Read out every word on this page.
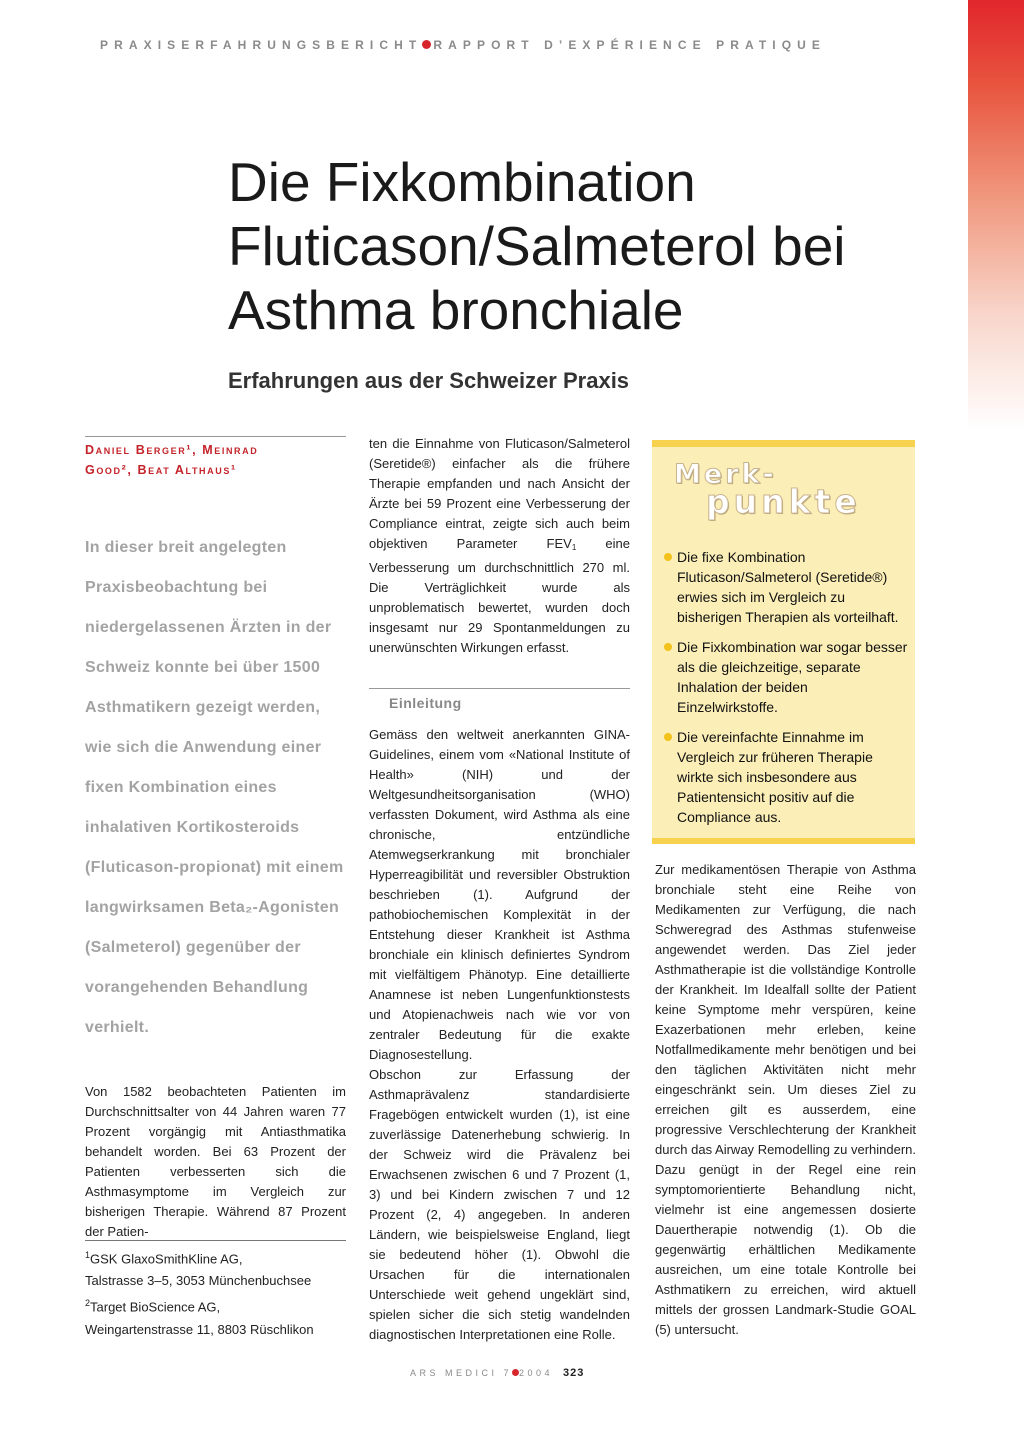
PRAXISERFAHRUNGSBERICHT RAPPORT D’EXPÉRIENCE PRATIQUE
Die Fixkombination
Fluticason/Salmeterol bei
Asthma bronchiale
Erfahrungen aus der Schweizer Praxis
Daniel Berger¹, Meinrad
Good², Beat Althaus¹
In dieser breit angelegten Praxisbeobachtung bei niedergelassenen Ärzten in der Schweiz konnte bei über 1500 Asthmatikern gezeigt werden, wie sich die Anwendung einer fixen Kombination eines inhalativen Kortikosteroids (Fluticason-propionat) mit einem langwirksamen Beta₂-Agonisten (Salmeterol) gegenüber der vorangehenden Behandlung verhielt.
Von 1582 beobachteten Patienten im Durchschnittsalter von 44 Jahren waren 77 Prozent vorgängig mit Antiasthmatika behandelt worden. Bei 63 Prozent der Patienten verbesserten sich die Asthmasymptome im Vergleich zur bisherigen Therapie. Während 87 Prozent der Patien-
$^1$GSK GlaxoSmithKline AG,
Talstrasse 3–5, 3053 Münchenbuchsee
$^2$Target BioScience AG,
Weingartenstrasse 11, 8803 Rüschlikon

ten die Einnahme von Fluticason/Salmeterol (Seretide®) einfacher als die frühere Therapie empfanden und nach Ansicht der Ärzte bei 59 Prozent eine Verbesserung der Compliance eintrat, zeigte sich auch beim objektiven Parameter $FEV_1$ eine Verbesserung um durchschnittlich 270 ml. Die Verträglichkeit wurde als unproblematisch bewertet, wurden doch insgesamt nur 29 Spontanmeldungen zu unerwünschten Wirkungen erfasst.

Einleitung

Gemäss den weltweit anerkannten GINA-Guidelines, einem vom «National Institute of Health» (NIH) und der Weltgesundheitsorganisation (WHO) verfassten Dokument, wird Asthma als eine chronische, entzündliche Atemwegserkrankung mit bronchialer Hyperreagibilität und reversibler Obstruktion beschrieben (1). Aufgrund der pathobiochemischen Komplexität in der Entstehung dieser Krankheit ist Asthma bronchiale ein klinisch definiertes Syndrom mit vielfältigem Phänotyp. Eine detaillierte Anamnese ist neben Lungenfunktionstests und Atopienachweis nach wie vor von zentraler Bedeutung für die exakte Diagnosestellung.

Obschon zur Erfassung der Asthmaprävalenz standardisierte Fragebögen entwickelt wurden (1), ist eine zuverlässige Datenerhebung schwierig. In der Schweiz wird die Prävalenz bei Erwachsenen zwischen 6 und 7 Prozent (1, 3) und bei Kindern zwischen 7 und 12 Prozent (2, 4) angegeben. In anderen Ländern, wie beispielsweise England, liegt sie bedeutend höher (1). Obwohl die Ursachen für die internationalen Unterschiede weit gehend ungeklärt sind, spielen sicher die sich stetig wandelnden diagnostischen Interpretationen eine Rolle.

Merk-
punkte
Die fixe Kombination Fluticason/Salmeterol (Seretide®) erwies sich im Vergleich zu bisherigen Therapien als vorteilhaft.
Die Fixkombination war sogar besser als die gleichzeitige, separate Inhalation der beiden Einzelwirkstoffe.
Die vereinfachte Einnahme im Vergleich zur früheren Therapie wirkte sich insbesondere aus Patientensicht positiv auf die Compliance aus.

Zur medikamentösen Therapie von Asthma bronchiale steht eine Reihe von Medikamenten zur Verfügung, die nach Schweregrad des Asthmas stufenweise angewendet werden. Das Ziel jeder Asthmatherapie ist die vollständige Kontrolle der Krankheit. Im Idealfall sollte der Patient keine Symptome mehr verspüren, keine Exazerbationen mehr erleben, keine Notfallmedikamente mehr benötigen und bei den täglichen Aktivitäten nicht mehr eingeschränkt sein. Um dieses Ziel zu erreichen gilt es ausserdem, eine progressive Verschlechterung der Krankheit durch das Airway Remodelling zu verhindern. Dazu genügt in der Regel eine rein symptomorientierte Behandlung nicht, vielmehr ist eine angemessen dosierte Dauertherapie notwendig (1). Ob die gegenwärtig erhältlichen Medikamente ausreichen, um eine totale Kontrolle bei Asthmatikern zu erreichen, wird aktuell mittels der grossen Landmark-Studie GOAL (5) untersucht.

ARS MEDICI 7 2004 323
